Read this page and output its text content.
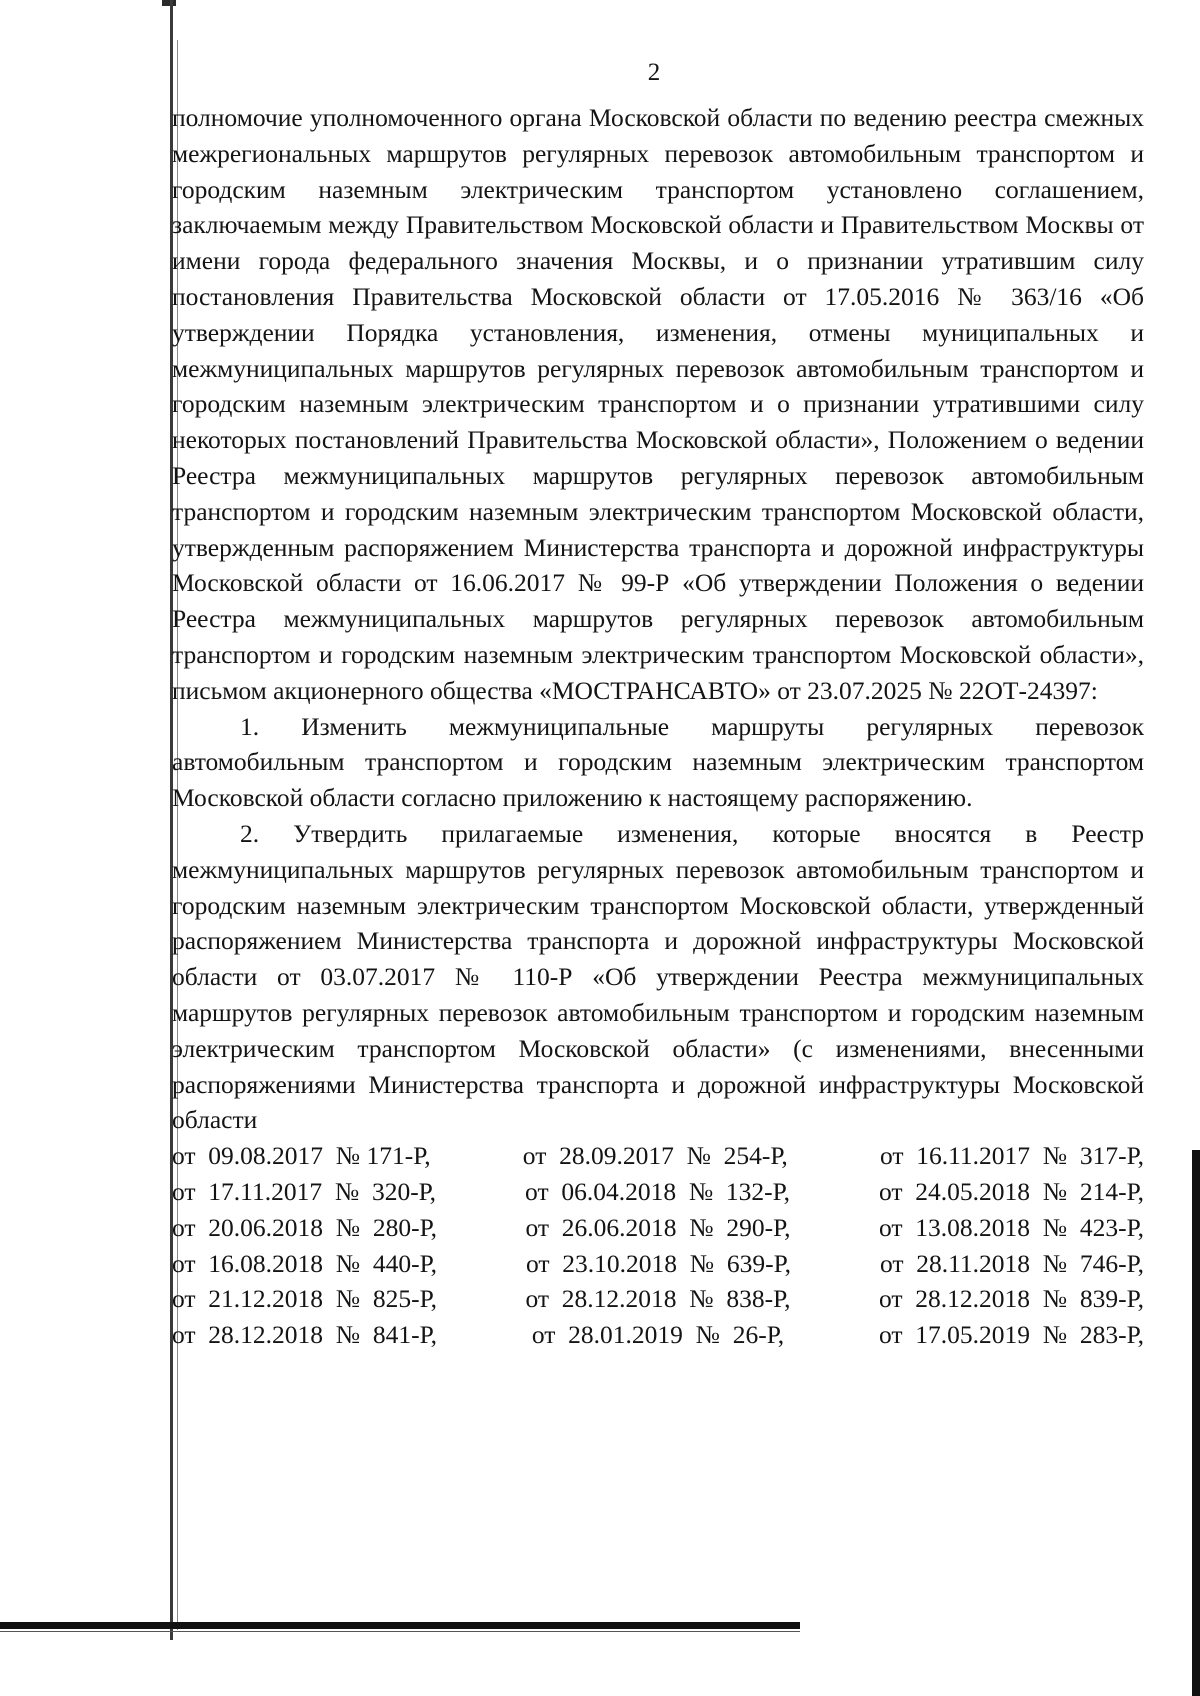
2

полномочие уполномоченного органа Московской области по ведению реестра смежных межрегиональных маршрутов регулярных перевозок автомобильным транспортом и городским наземным электрическим транспортом установлено соглашением, заключаемым между Правительством Московской области и Правительством Москвы от имени города федерального значения Москвы, и о признании утратившим силу постановления Правительства Московской области от 17.05.2016 № 363/16 «Об утверждении Порядка установления, изменения, отмены муниципальных и межмуниципальных маршрутов регулярных перевозок автомобильным транспортом и городским наземным электрическим транспортом и о признании утратившими силу некоторых постановлений Правительства Московской области», Положением о ведении Реестра межмуниципальных маршрутов регулярных перевозок автомобильным транспортом и городским наземным электрическим транспортом Московской области, утвержденным распоряжением Министерства транспорта и дорожной инфраструктуры Московской области от 16.06.2017 № 99-Р «Об утверждении Положения о ведении Реестра межмуниципальных маршрутов регулярных перевозок автомобильным транспортом и городским наземным электрическим транспортом Московской области», письмом акционерного общества «МОСТРАНСАВТО» от 23.07.2025 № 22ОТ-24397:

1. Изменить межмуниципальные маршруты регулярных перевозок автомобильным транспортом и городским наземным электрическим транспортом Московской области согласно приложению к настоящему распоряжению.

2. Утвердить прилагаемые изменения, которые вносятся в Реестр межмуниципальных маршрутов регулярных перевозок автомобильным транспортом и городским наземным электрическим транспортом Московской области, утвержденный распоряжением Министерства транспорта и дорожной инфраструктуры Московской области от 03.07.2017 № 110-Р «Об утверждении Реестра межмуниципальных маршрутов регулярных перевозок автомобильным транспортом и городским наземным электрическим транспортом Московской области» (с изменениями, внесенными распоряжениями Министерства транспорта и дорожной инфраструктуры Московской области

от  09.08.2017  № 171-Р,	от  28.09.2017  №  254-Р,	от  16.11.2017  №  317-Р,
от  17.11.2017  №  320-Р,	от  06.04.2018  №  132-Р,	от  24.05.2018  №  214-Р,
от  20.06.2018  №  280-Р,	от  26.06.2018  №  290-Р,	от  13.08.2018  №  423-Р,
от  16.08.2018  №  440-Р,	от  23.10.2018  №  639-Р,	от  28.11.2018  №  746-Р,
от  21.12.2018  №  825-Р,	от  28.12.2018  №  838-Р,	от  28.12.2018  №  839-Р,
от  28.12.2018  №  841-Р,	от  28.01.2019  №  26-Р,	от  17.05.2019  №  283-Р,
